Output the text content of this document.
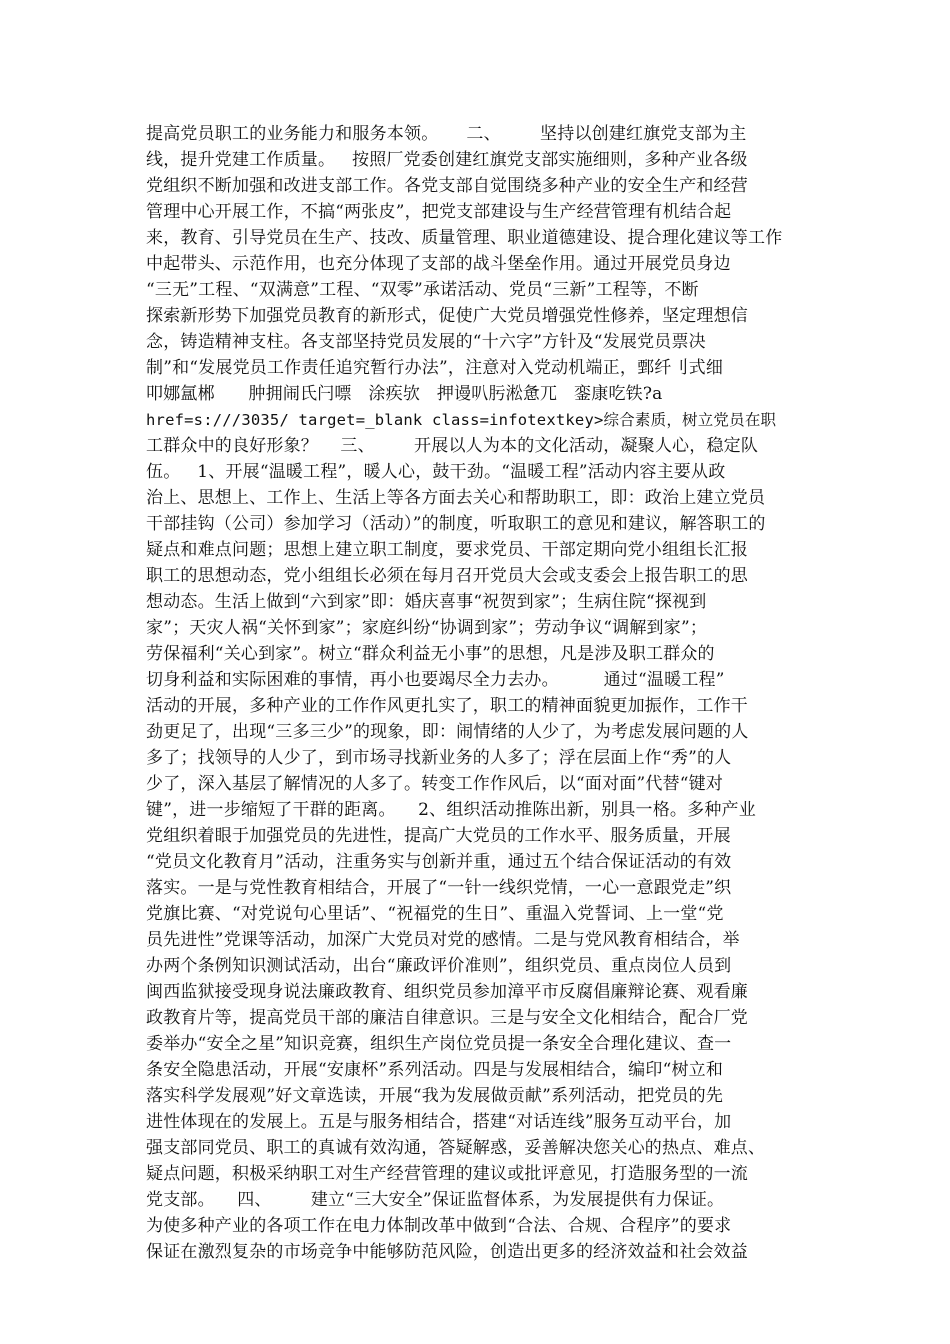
提高党员职工的业务能力和服务本领。     二、       坚持以创建红旗党支部为主
线，提升党建工作质量。   按照厂党委创建红旗党支部实施细则，多种产业各级
党组织不断加强和改进支部工作。各党支部自觉围绕多种产业的安全生产和经营
管理中心开展工作，不搞“两张皮”，把党支部建设与生产经营管理有机结合起
来，教育、引导党员在生产、技改、质量管理、职业道德建设、提合理化建议等工作
中起带头、示范作用，也充分体现了支部的战斗堡垒作用。通过开展党员身边
“三无”工程、“双满意”工程、“双零”承诺活动、党员“三新”工程等，不断
探索新形势下加强党员教育的新形式，促使广大党员增强党性修养，坚定理想信
念，铸造精神支柱。各支部坚持党员发展的“十六字”方针及“发展党员票决
制”和“发展党员工作责任追究暂行办法”，注意对入党动机端正，鄄纤刂式细
叩娜氲郴      肿拥闹氏闩嘌   涂疾欤   押谩叭肟淞惫兀   銮康吃铁?a
href=s:///3035/ target=_blank class=infotextkey>综合素质，树立党员在职
工群众中的良好形象？    三、       开展以人为本的文化活动，凝聚人心，稳定队
伍。   1、开展“温暖工程”，暖人心，鼓干劲。“温暖工程”活动内容主要从政
治上、思想上、工作上、生活上等各方面去关心和帮助职工，即：政治上建立党员
干部挂钩（公司）参加学习（活动）”的制度，听取职工的意见和建议，解答职工的
疑点和难点问题；思想上建立职工制度，要求党员、干部定期向党小组组长汇报
职工的思想动态，党小组组长必须在每月召开党员大会或支委会上报告职工的思
想动态。生活上做到“六到家”即：婚庆喜事“祝贺到家”；生病住院“探视到
家”；天灾人祸“关怀到家”；家庭纠纷“协调到家”；劳动争议“调解到家”；
劳保福利“关心到家”。树立“群众利益无小事”的思想，凡是涉及职工群众的
切身利益和实际困难的事情，再小也要竭尽全力去办。        通过“温暖工程”
活动的开展，多种产业的工作作风更扎实了，职工的精神面貌更加振作，工作干
劲更足了，出现“三多三少”的现象，即：闹情绪的人少了，为考虑发展问题的人
多了；找领导的人少了，到市场寻找新业务的人多了；浮在层面上作“秀”的人
少了，深入基层了解情况的人多了。转变工作作风后，以“面对面”代替“键对
键”，进一步缩短了干群的距离。    2、组织活动推陈出新，别具一格。多种产业
党组织着眼于加强党员的先进性，提高广大党员的工作水平、服务质量，开展
“党员文化教育月”活动，注重务实与创新并重，通过五个结合保证活动的有效
落实。一是与党性教育相结合，开展了“一针一线织党情，一心一意跟党走”织
党旗比赛、“对党说句心里话”、“祝福党的生日”、重温入党誓词、上一堂“党
员先进性”党课等活动，加深广大党员对党的感情。二是与党风教育相结合，举
办两个条例知识测试活动，出台“廉政评价准则”，组织党员、重点岗位人员到
闽西监狱接受现身说法廉政教育、组织党员参加漳平市反腐倡廉辩论赛、观看廉
政教育片等，提高党员干部的廉洁自律意识。三是与安全文化相结合，配合厂党
委举办“安全之星”知识竞赛，组织生产岗位党员提一条安全合理化建议、查一
条安全隐患活动，开展“安康杯”系列活动。四是与发展相结合，编印“树立和
落实科学发展观”好文章选读，开展“我为发展做贡献”系列活动，把党员的先
进性体现在的发展上。五是与服务相结合，搭建“对话连线”服务互动平台，加
强支部同党员、职工的真诚有效沟通，答疑解惑，妥善解决您关心的热点、难点、
疑点问题，积极采纳职工对生产经营管理的建议或批评意见，打造服务型的一流
党支部。    四、       建立“三大安全”保证监督体系，为发展提供有力保证。
为使多种产业的各项工作在电力体制改革中做到“合法、合规、合程序”的要求
保证在激烈复杂的市场竞争中能够防范风险，创造出更多的经济效益和社会效益
